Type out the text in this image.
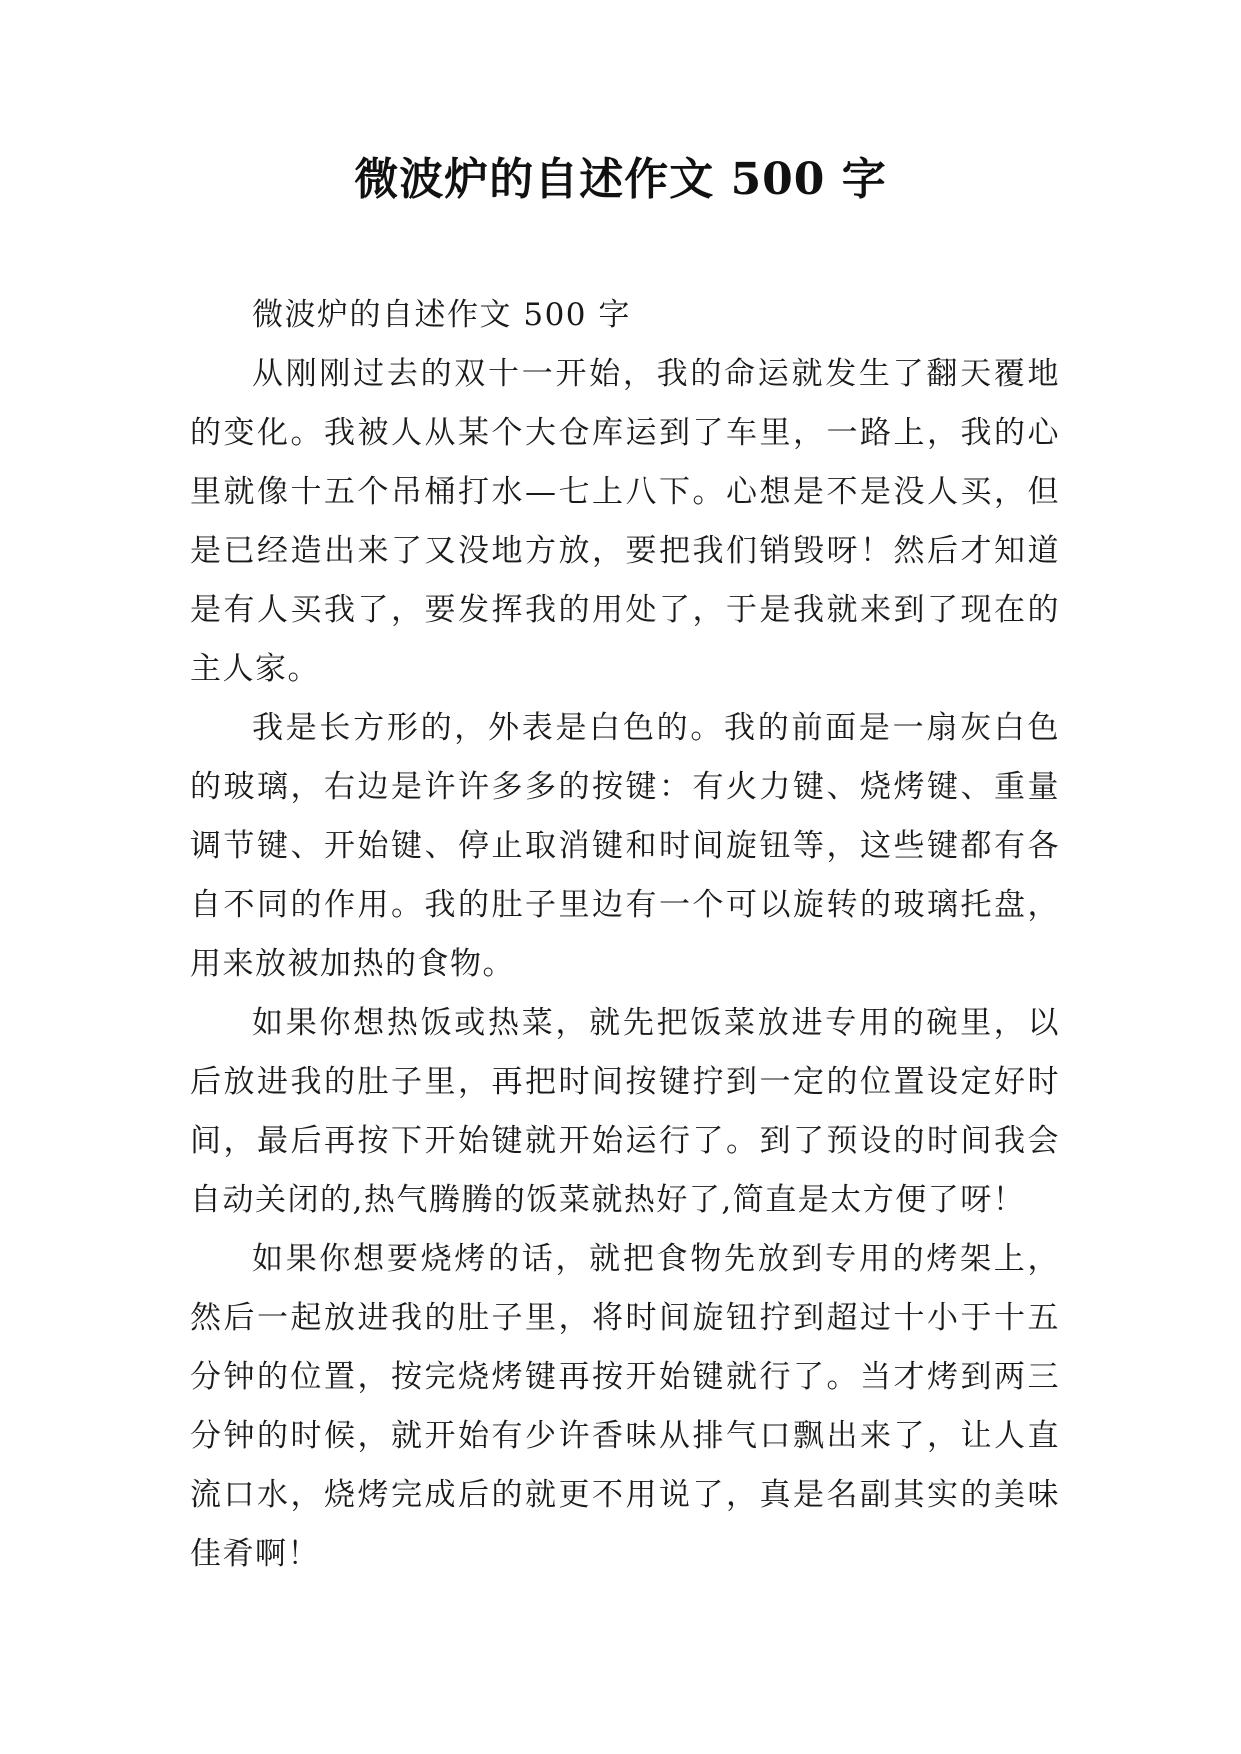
微波炉的自述作文 500 字

微波炉的自述作文 500 字

从刚刚过去的双十一开始，我的命运就发生了翻天覆地的变化。我被人从某个大仓库运到了车里，一路上，我的心里就像十五个吊桶打水—七上八下。心想是不是没人买，但是已经造出来了又没地方放，要把我们销毁呀！然后才知道是有人买我了，要发挥我的用处了，于是我就来到了现在的主人家。

我是长方形的，外表是白色的。我的前面是一扇灰白色的玻璃，右边是许许多多的按键：有火力键、烧烤键、重量调节键、开始键、停止取消键和时间旋钮等，这些键都有各自不同的作用。我的肚子里边有一个可以旋转的玻璃托盘，用来放被加热的食物。

如果你想热饭或热菜，就先把饭菜放进专用的碗里，以后放进我的肚子里，再把时间按键拧到一定的位置设定好时间，最后再按下开始键就开始运行了。到了预设的时间我会自动关闭的,热气腾腾的饭菜就热好了,简直是太方便了呀！

如果你想要烧烤的话，就把食物先放到专用的烤架上，然后一起放进我的肚子里，将时间旋钮拧到超过十小于十五分钟的位置，按完烧烤键再按开始键就行了。当才烤到两三分钟的时候，就开始有少许香味从排气口飘出来了，让人直流口水，烧烤完成后的就更不用说了，真是名副其实的美味佳肴啊！
